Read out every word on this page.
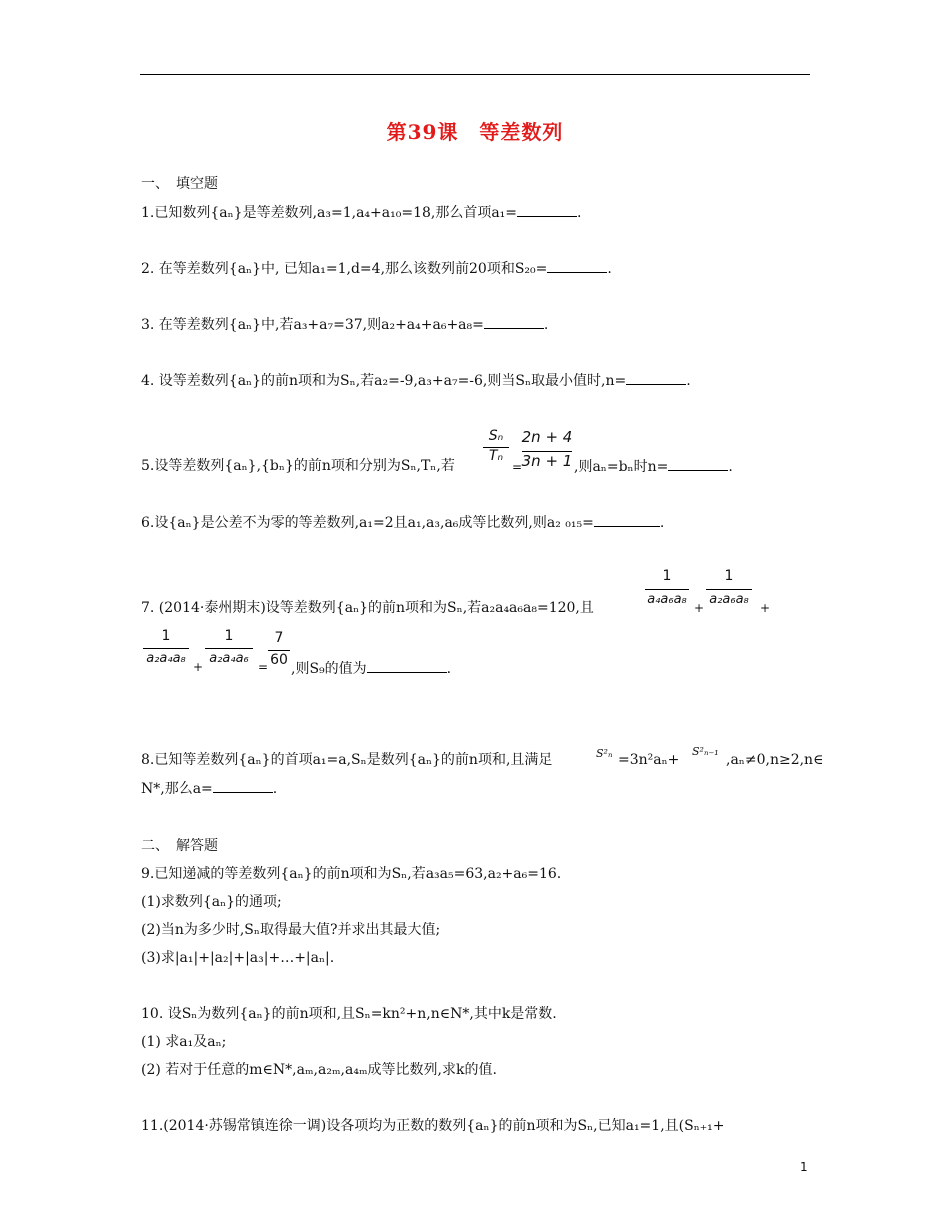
第39课　等差数列
一、　填空题
1.已知数列{aₙ}是等差数列,a₃=1,a₄+a₁₀=18,那么首项a₁=	.
2. 在等差数列{aₙ}中, 已知a₁=1,d=4,那么该数列前20项和S₂₀=	.
3. 在等差数列{aₙ}中,若a₃+a₇=37,则a₂+a₄+a₆+a₈=	.
4. 设等差数列{aₙ}的前n项和为Sₙ,若a₂=-9,a₃+a₇=-6,则当Sₙ取最小值时,n=	.
5.设等差数列{aₙ},{bₙ}的前n项和分别为Sₙ,Tₙ,若
Sₙ
Tₙ
=
2n + 4
3n + 1 ,则aₙ=bₙ时n=	.
6.设{aₙ}是公差不为零的等差数列,a₁=2且a₁,a₃,a₆成等比数列,则a₂ ₀₁₅=	.
7. (2014·泰州期末)设等差数列{aₙ}的前n项和为Sₙ,若a₂a₄a₆a₈=120,且
1
a₄a₆a₈
+
1
a₂a₆a₈
+
1
a₂a₄a₈
+
1
a₂a₄a₆
=
7
60
,则S₉的值为	.
8.已知等差数列{aₙ}的首项a₁=a,Sₙ是数列{aₙ}的前n项和,且满足	S²ₙ =3n²aₙ+
S²ₙ₋₁
,aₙ≠0,n≥2,n∈
N*,那么a=	.
二、　解答题
9.已知递减的等差数列{aₙ}的前n项和为Sₙ,若a₃a₅=63,a₂+a₆=16.
(1)求数列{aₙ}的通项;
(2)当n为多少时,Sₙ取得最大值?并求出其最大值;
(3)求|a₁|+|a₂|+|a₃|+…+|aₙ|.
10. 设Sₙ为数列{aₙ}的前n项和,且Sₙ=kn²+n,n∈N*,其中k是常数.
(1) 求a₁及aₙ;
(2) 若对于任意的m∈N*,aₘ,a₂ₘ,a₄ₘ成等比数列,求k的值.
11.(2014·苏锡常镇连徐一调)设各项均为正数的数列{aₙ}的前n项和为Sₙ,已知a₁=1,且(Sₙ₊₁+
1
